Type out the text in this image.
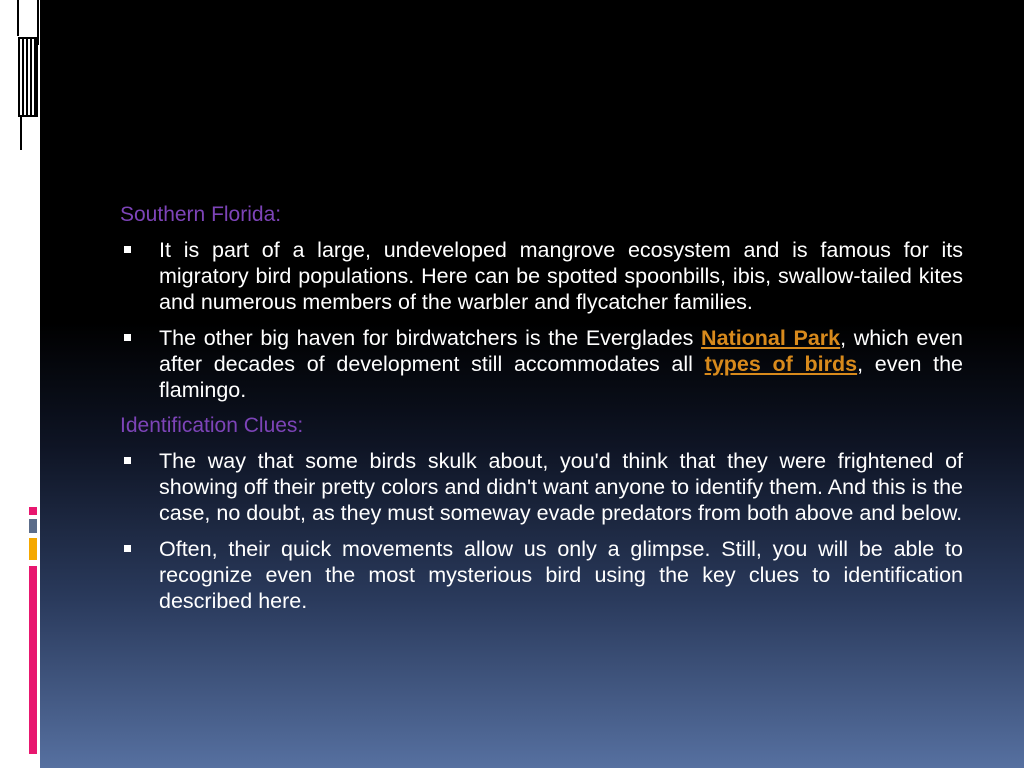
Southern Florida:
It is part of a large, undeveloped mangrove ecosystem and is famous for its migratory bird populations. Here can be spotted spoonbills, ibis, swallow-tailed kites and numerous members of the warbler and flycatcher families.
The other big haven for birdwatchers is the Everglades National Park, which even after decades of development still accommodates all types of birds, even the flamingo.
Identification Clues:
The way that some birds skulk about, you'd think that they were frightened of showing off their pretty colors and didn't want anyone to identify them. And this is the case, no doubt, as they must someway evade predators from both above and below.
Often, their quick movements allow us only a glimpse. Still, you will be able to recognize even the most mysterious bird using the key clues to identification described here.
